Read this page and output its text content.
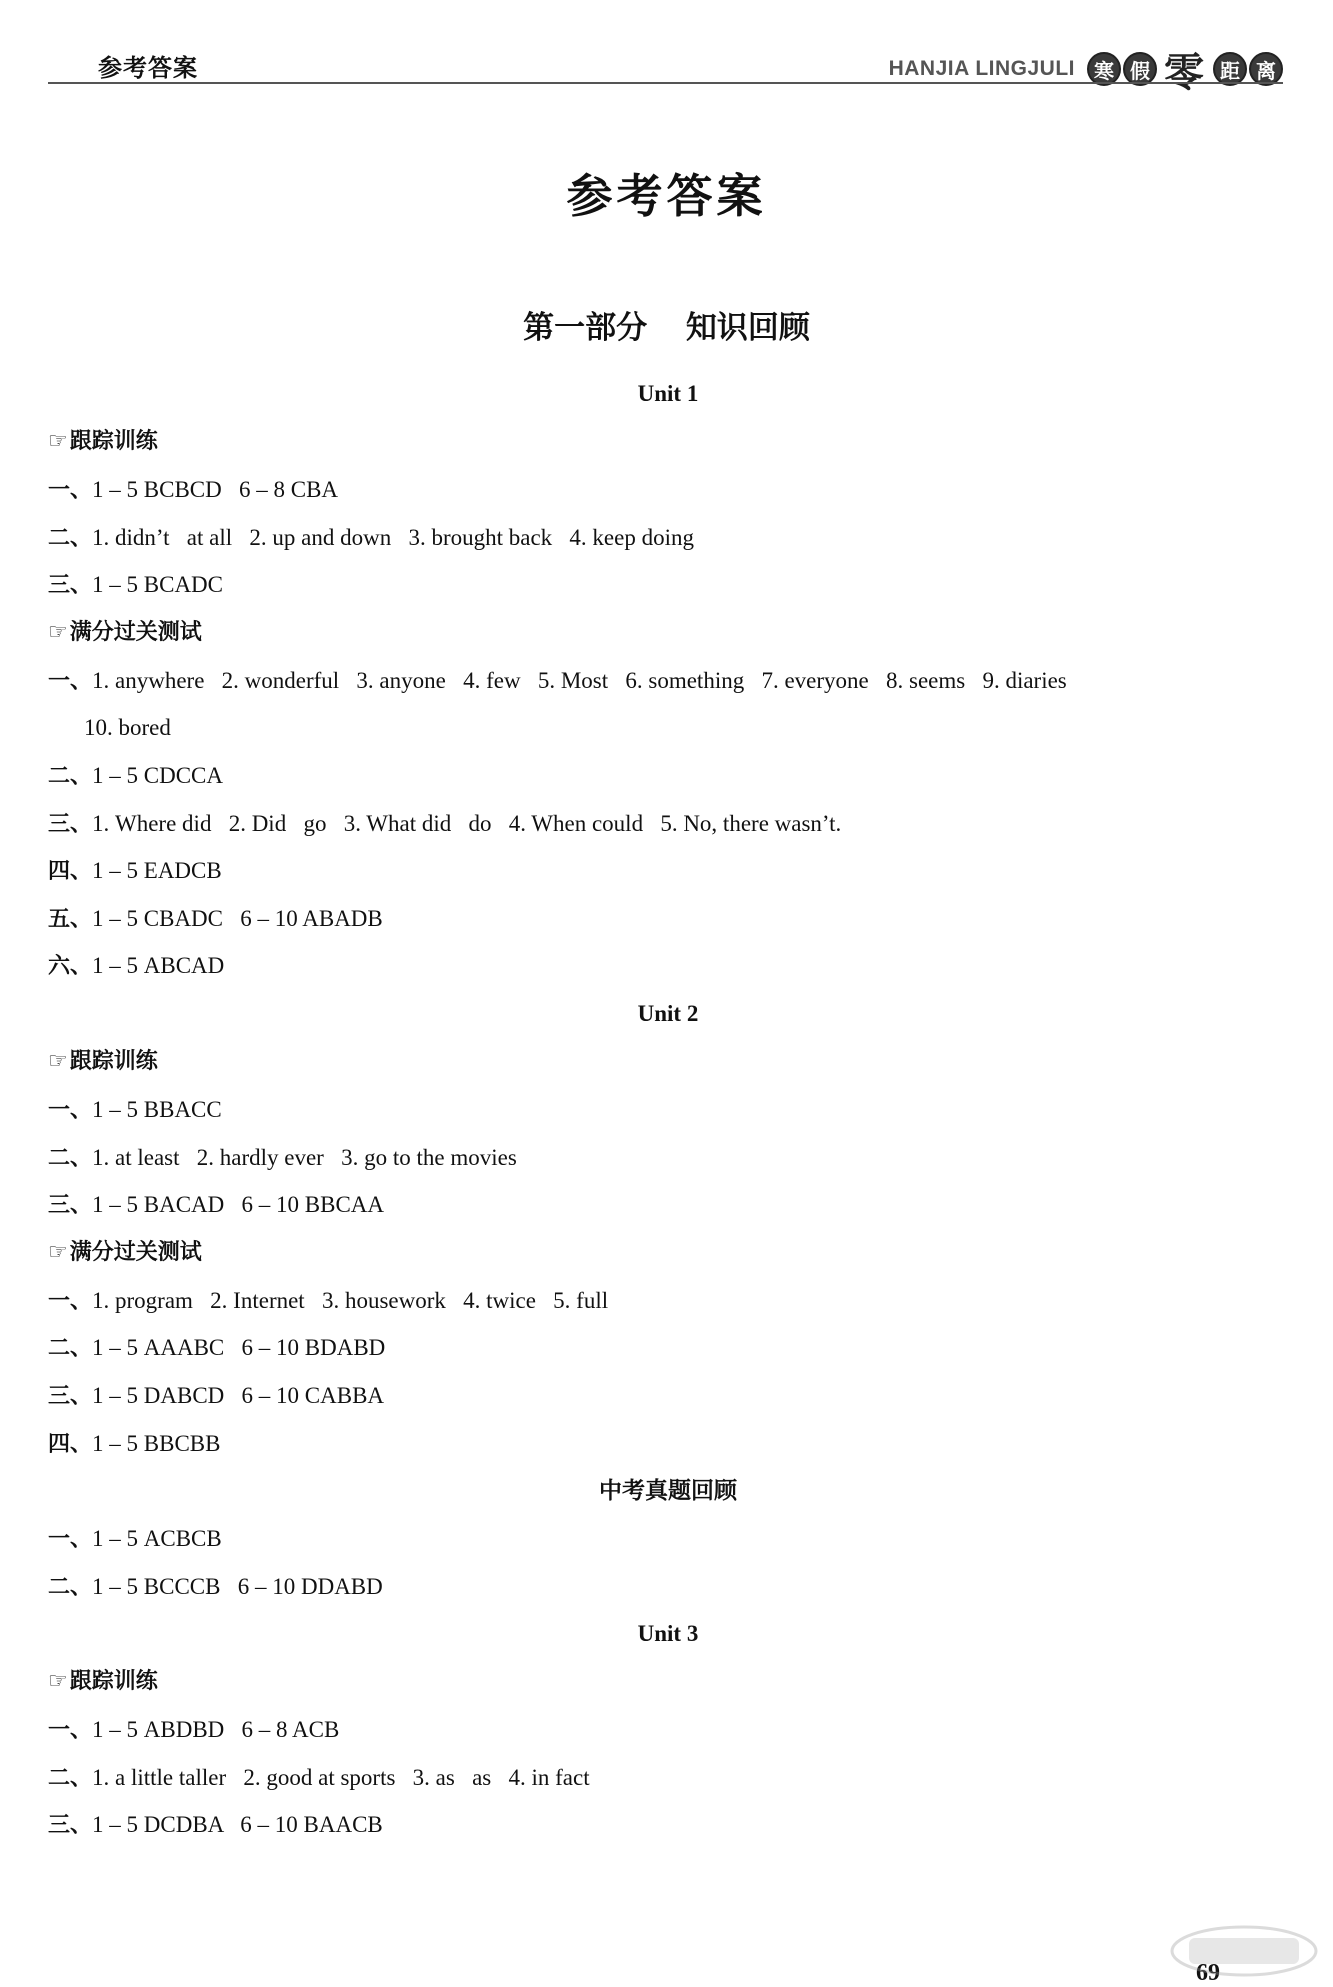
参考答案	HANJIA LINGJULI 寒 假 零 距 离
参考答案
第一部分 知识回顾
Unit 1
☞ 跟踪训练
一、1 – 5 BCBCD   6 – 8 CBA
二、1. didn’t   at all   2. up and down   3. brought back   4. keep doing
三、1 – 5 BCADC
☞ 满分过关测试
一、1. anywhere   2. wonderful   3. anyone   4. few   5. Most   6. something   7. everyone   8. seems   9. diaries
10. bored
二、1 – 5 CDCCA
三、1. Where did   2. Did   go   3. What did   do   4. When could   5. No, there wasn’t.
四、1 – 5 EADCB
五、1 – 5 CBADC   6 – 10 ABADB
六、1 – 5 ABCAD
Unit 2
☞ 跟踪训练
一、1 – 5 BBACC
二、1. at least   2. hardly ever   3. go to the movies
三、1 – 5 BACAD   6 – 10 BBCAA
☞ 满分过关测试
一、1. program   2. Internet   3. housework   4. twice   5. full
二、1 – 5 AAABC   6 – 10 BDABD
三、1 – 5 DABCD   6 – 10 CABBA
四、1 – 5 BBCBB
中考真题回顾
一、1 – 5 ACBCB
二、1 – 5 BCCCB   6 – 10 DDABD
Unit 3
☞ 跟踪训练
一、1 – 5 ABDBD   6 – 8 ACB
二、1. a little taller   2. good at sports   3. as   as   4. in fact
三、1 – 5 DCDBA   6 – 10 BAACB
69
